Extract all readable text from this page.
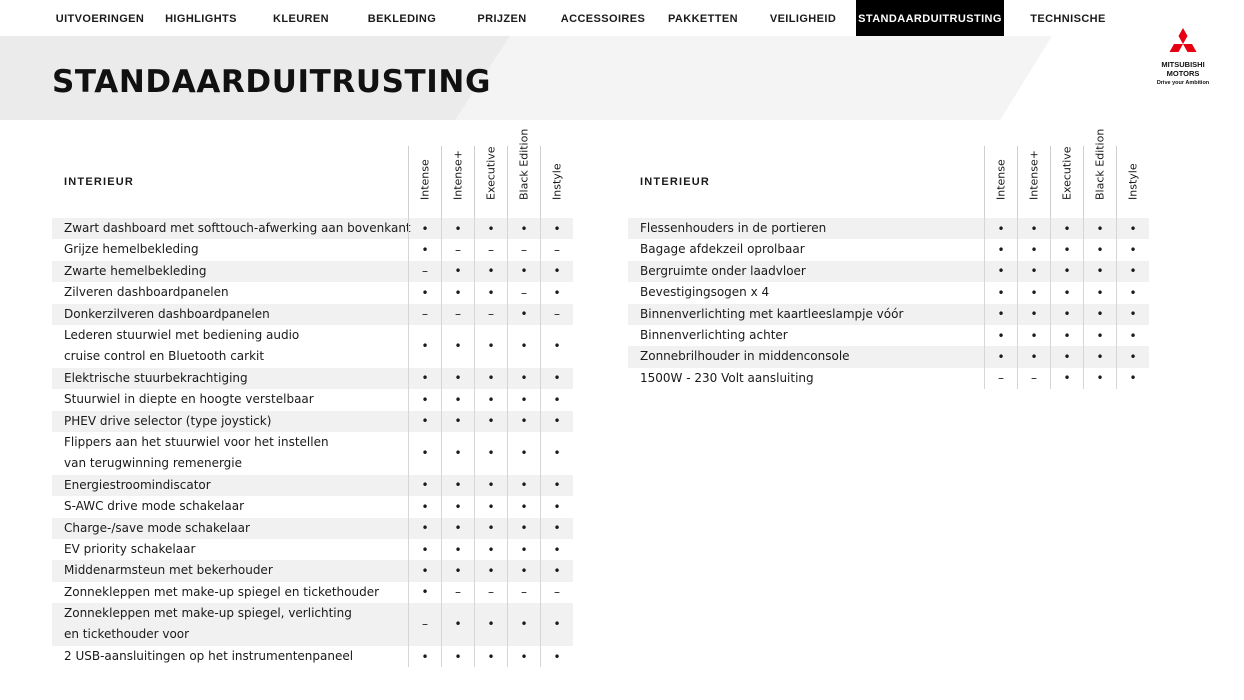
UITVOERINGEN	HIGHLIGHTS	KLEUREN	BEKLEDING	PRIJZEN	ACCESSOIRES	PAKKETTEN	VEILIGHEID	STANDAARDUITRUSTING	TECHNISCHE
STANDAARDUITRUSTING	MITSUBISHI
MOTORS
Drive your Ambition
INTERIEUR	Intense Intense+ Executive Black Edition Instyle
Zwart dashboard met softtouch-afwerking aan bovenkant •	•	•	•	•
Grijze hemelbekleding	•	–	–	–	–
Zwarte hemelbekleding	–	•	•	•	•
Zilveren dashboardpanelen	•	•	•	–	•
Donkerzilveren dashboardpanelen	–	–	–	•	–
Lederen stuurwiel met bediening audio
cruise control en Bluetooth carkit
•	•	•	•	•
Elektrische stuurbekrachtiging	•	•	•	•	•
Stuurwiel in diepte en hoogte verstelbaar	•	•	•	•	•
PHEV drive selector (type joystick)	•	•	•	•	•
Flippers aan het stuurwiel voor het instellen
van terugwinning remenergie
•	•	•	•	•
Energiestroomindiscator	•	•	•	•	•
S-AWC drive mode schakelaar	•	•	•	•	•
Charge-/save mode schakelaar	•	•	•	•	•
EV priority schakelaar	•	•	•	•	•
Middenarmsteun met bekerhouder	•	•	•	•	•
Zonnekleppen met make-up spiegel en tickethouder	•	–	–	–	–
Zonnekleppen met make-up spiegel, verlichting
en tickethouder voor
–	•	•	•	•
2 USB-aansluitingen op het instrumentenpaneel	•	•	•	•	•
INTERIEUR	Intense Intense+ Executive Black Edition Instyle
Flessenhouders in de portieren	•	•	•	•	•
Bagage afdekzeil oprolbaar	•	•	•	•	•
Bergruimte onder laadvloer	•	•	•	•	•
Bevestigingsogen x 4	•	•	•	•	•
Binnenverlichting met kaartleeslampje vóór	•	•	•	•	•
Binnenverlichting achter	•	•	•	•	•
Zonnebrilhouder in middenconsole	•	•	•	•	•
1500W - 230 Volt aansluiting	–	–	•	•	•
